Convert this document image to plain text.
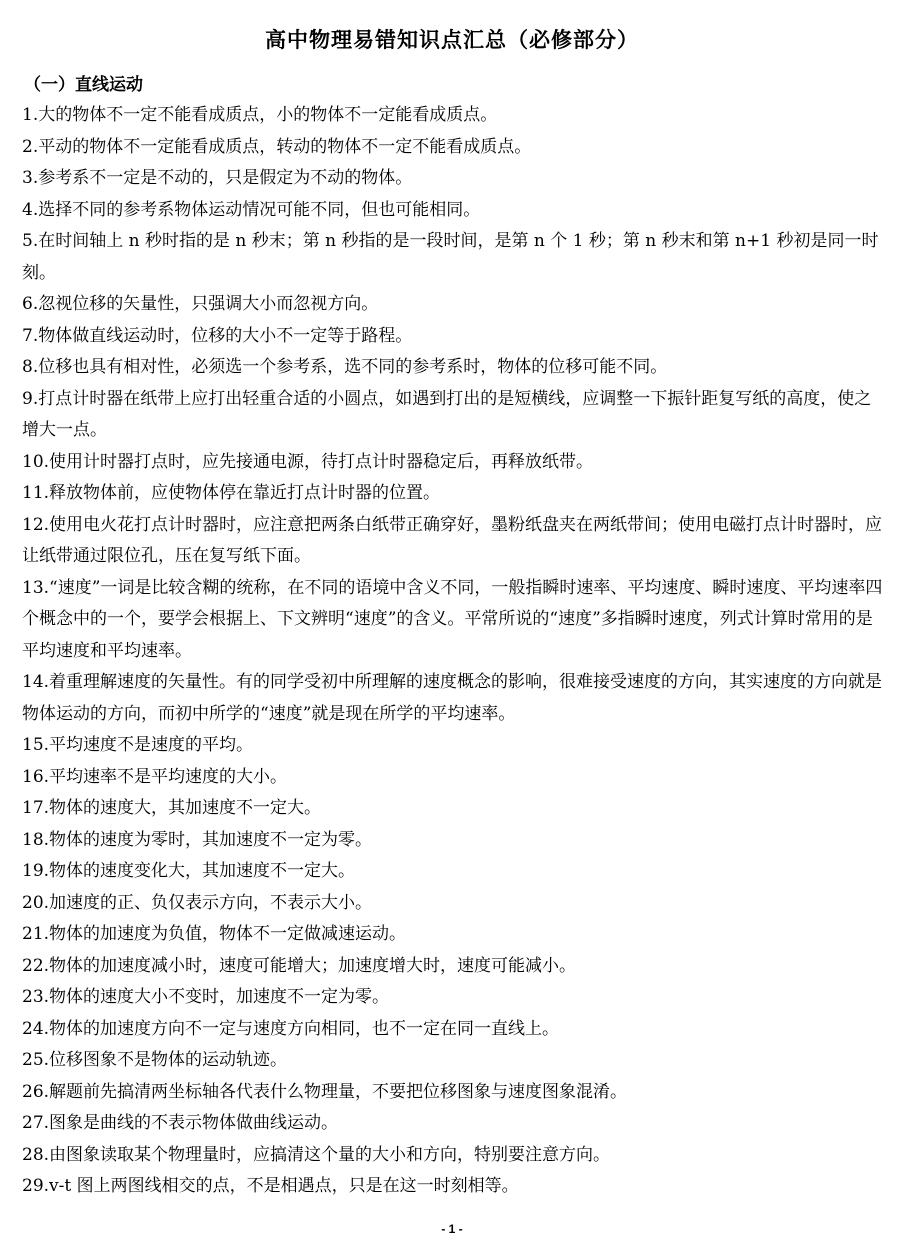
高中物理易错知识点汇总（必修部分）
（一）直线运动
1.大的物体不一定不能看成质点，小的物体不一定能看成质点。
2.平动的物体不一定能看成质点，转动的物体不一定不能看成质点。
3.参考系不一定是不动的，只是假定为不动的物体。
4.选择不同的参考系物体运动情况可能不同，但也可能相同。
5.在时间轴上 n 秒时指的是 n 秒末；第 n 秒指的是一段时间，是第 n 个 1 秒；第 n 秒末和第 n+1 秒初是同一时刻。
6.忽视位移的矢量性，只强调大小而忽视方向。
7.物体做直线运动时，位移的大小不一定等于路程。
8.位移也具有相对性，必须选一个参考系，选不同的参考系时，物体的位移可能不同。
9.打点计时器在纸带上应打出轻重合适的小圆点，如遇到打出的是短横线，应调整一下振针距复写纸的高度，使之增大一点。
10.使用计时器打点时，应先接通电源，待打点计时器稳定后，再释放纸带。
11.释放物体前，应使物体停在靠近打点计时器的位置。
12.使用电火花打点计时器时，应注意把两条白纸带正确穿好，墨粉纸盘夹在两纸带间；使用电磁打点计时器时，应让纸带通过限位孔，压在复写纸下面。
13.“速度”一词是比较含糊的统称，在不同的语境中含义不同，一般指瞬时速率、平均速度、瞬时速度、平均速率四个概念中的一个，要学会根据上、下文辨明“速度”的含义。平常所说的“速度”多指瞬时速度，列式计算时常用的是平均速度和平均速率。
14.着重理解速度的矢量性。有的同学受初中所理解的速度概念的影响，很难接受速度的方向，其实速度的方向就是物体运动的方向，而初中所学的“速度”就是现在所学的平均速率。
15.平均速度不是速度的平均。
16.平均速率不是平均速度的大小。
17.物体的速度大，其加速度不一定大。
18.物体的速度为零时，其加速度不一定为零。
19.物体的速度变化大，其加速度不一定大。
20.加速度的正、负仅表示方向，不表示大小。
21.物体的加速度为负值，物体不一定做减速运动。
22.物体的加速度减小时，速度可能增大；加速度增大时，速度可能减小。
23.物体的速度大小不变时，加速度不一定为零。
24.物体的加速度方向不一定与速度方向相同，也不一定在同一直线上。
25.位移图象不是物体的运动轨迹。
26.解题前先搞清两坐标轴各代表什么物理量，不要把位移图象与速度图象混淆。
27.图象是曲线的不表示物体做曲线运动。
28.由图象读取某个物理量时，应搞清这个量的大小和方向，特别要注意方向。
29.v-t 图上两图线相交的点，不是相遇点，只是在这一时刻相等。
- 1 -
